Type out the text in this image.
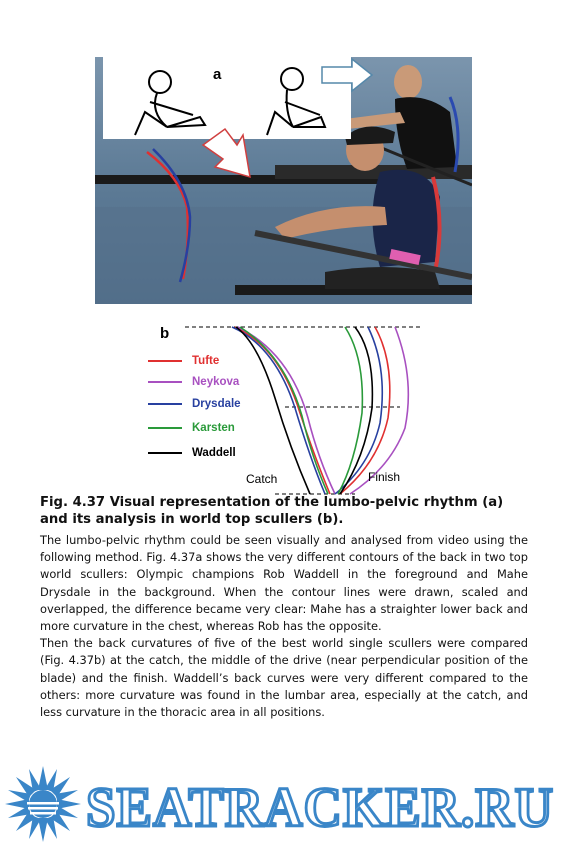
a
b
Tufte
Neykova
Drysdale
Karsten
Waddell
Catch	Finish
Fig. 4.37 Visual representation of the lumbo-pelvic rhythm (a) and its analysis in world top scullers (b).

The lumbo-pelvic rhythm could be seen visually and analysed from video using the following method. Fig. 4.37a shows the very different contours of the back in two top world scullers: Olympic champions Rob Waddell in the foreground and Mahe Drysdale in the background. When the contour lines were drawn, scaled and overlapped, the difference became very clear: Mahe has a straighter lower back and more curvature in the chest, whereas Rob has the opposite.

Then the back curvatures of five of the best world single scullers were compared (Fig. 4.37b) at the catch, the middle of the drive (near perpendicular position of the blade) and the finish. Waddell’s back curves were very different compared to the others: more curvature was found in the lumbar area, especially at the catch, and less curvature in the thoracic area in all positions.

SEATRACKER.RU
